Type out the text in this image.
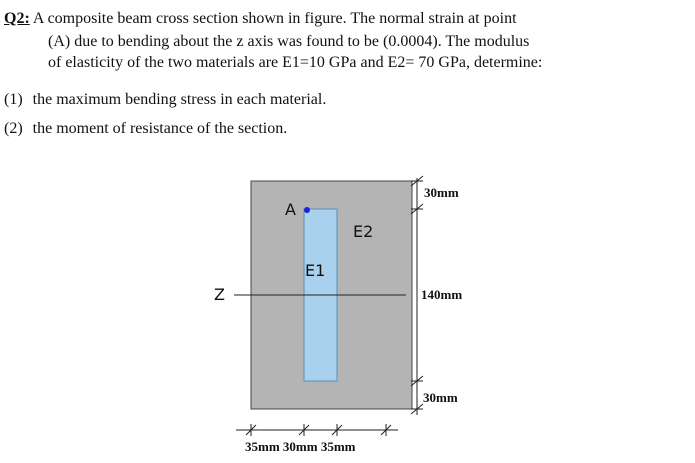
Q2: A composite beam cross section shown in figure. The normal strain at point
(A) due to bending about the z axis was found to be (0.0004). The modulus
of elasticity of the two materials are E1=10 GPa and E2= 70 GPa, determine:
(1) the maximum bending stress in each material.
(2) the moment of resistance of the section.
Z
A
E2
E1
30mm
140mm
30mm
35mm 30mm 35mm
